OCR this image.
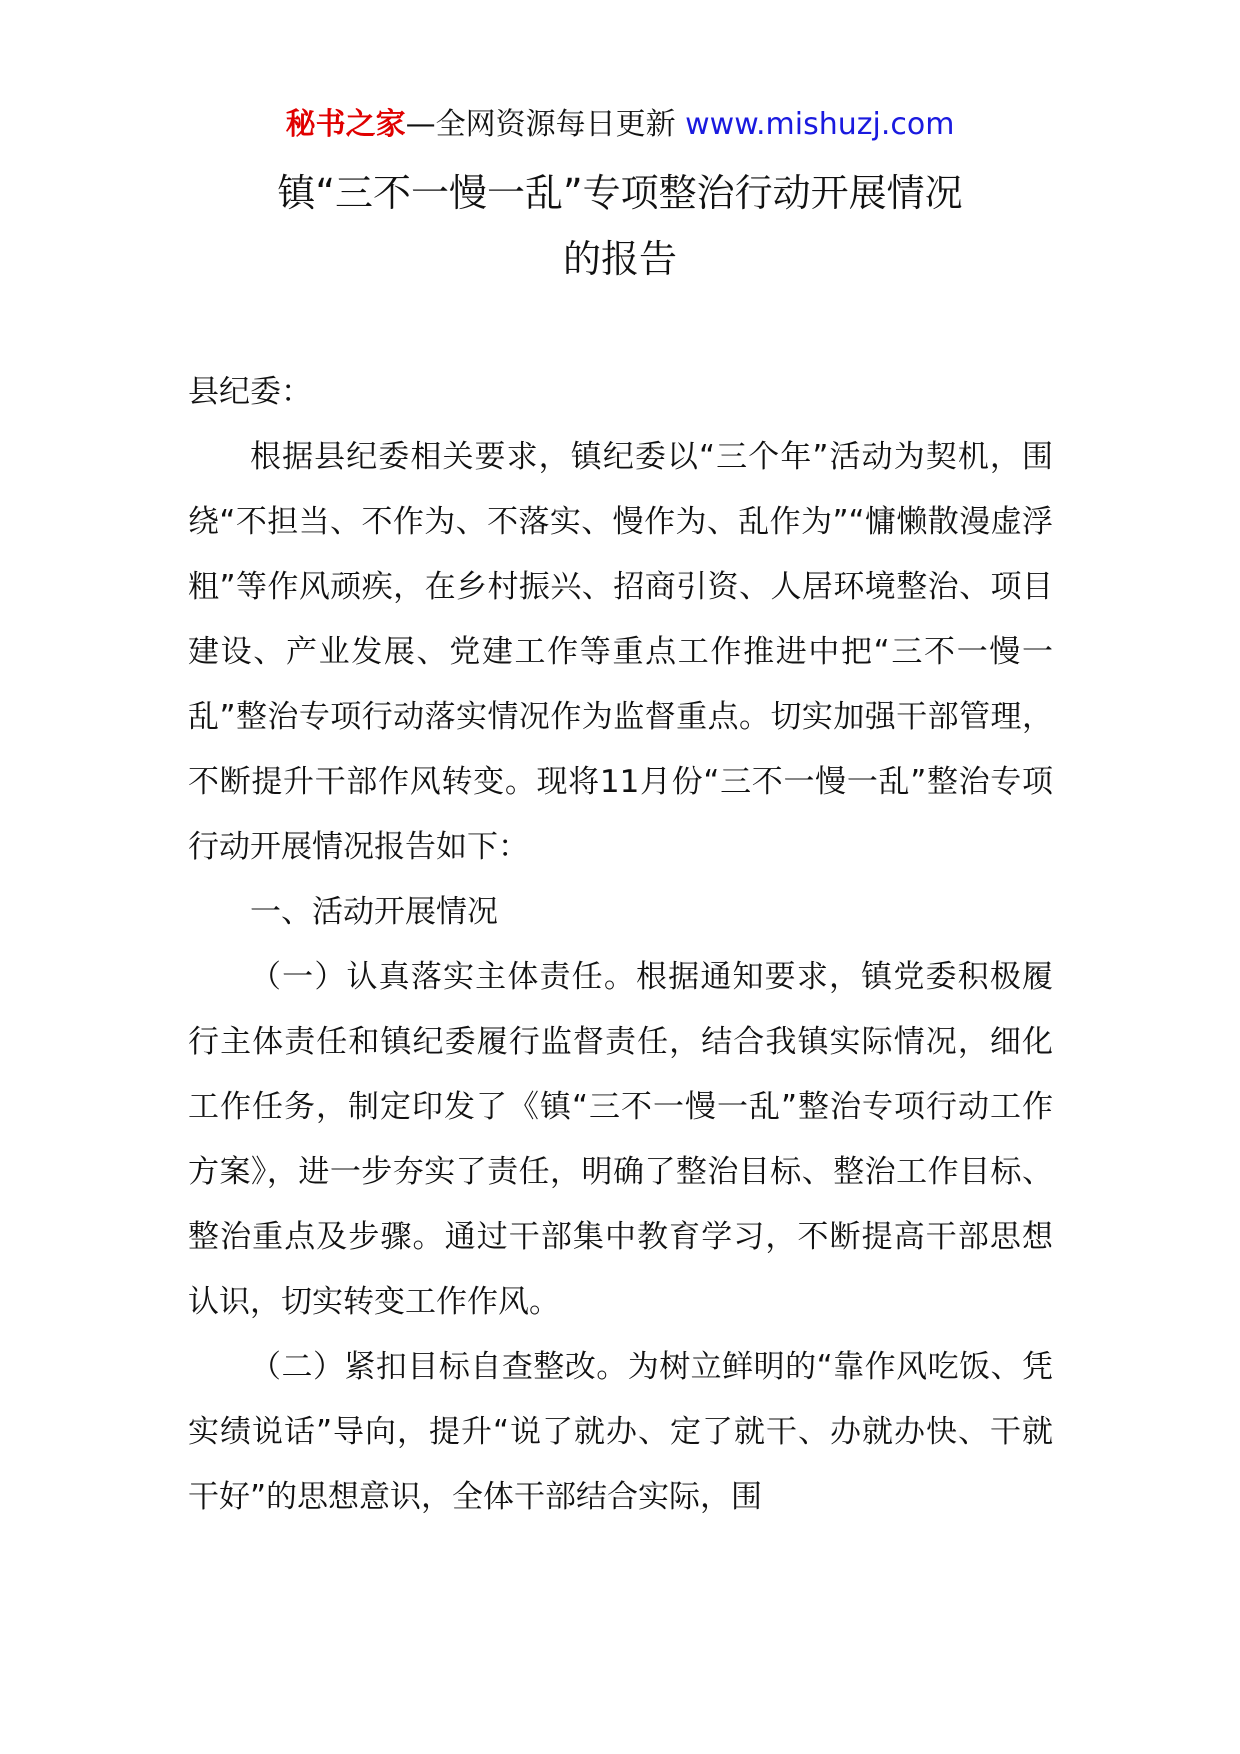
秘书之家—全网资源每日更新 www.mishuzj.com
镇“三不一慢一乱”专项整治行动开展情况
的报告

县纪委：

根据县纪委相关要求，镇纪委以“三个年”活动为契机，围绕“不担当、不作为、不落实、慢作为、乱作为”“慵懒散漫虚浮粗”等作风顽疾，在乡村振兴、招商引资、人居环境整治、项目建设、产业发展、党建工作等重点工作推进中把“三不一慢一乱”整治专项行动落实情况作为监督重点。切实加强干部管理，不断提升干部作风转变。现将11月份“三不一慢一乱”整治专项行动开展情况报告如下：

一、活动开展情况

（一）认真落实主体责任。根据通知要求，镇党委积极履行主体责任和镇纪委履行监督责任，结合我镇实际情况，细化工作任务，制定印发了《镇“三不一慢一乱”整治专项行动工作方案》，进一步夯实了责任，明确了整治目标、整治工作目标、整治重点及步骤。通过干部集中教育学习，不断提高干部思想认识，切实转变工作作风。

（二）紧扣目标自查整改。为树立鲜明的“靠作风吃饭、凭实绩说话”导向，提升“说了就办、定了就干、办就办快、干就干好”的思想意识，全体干部结合实际，围
